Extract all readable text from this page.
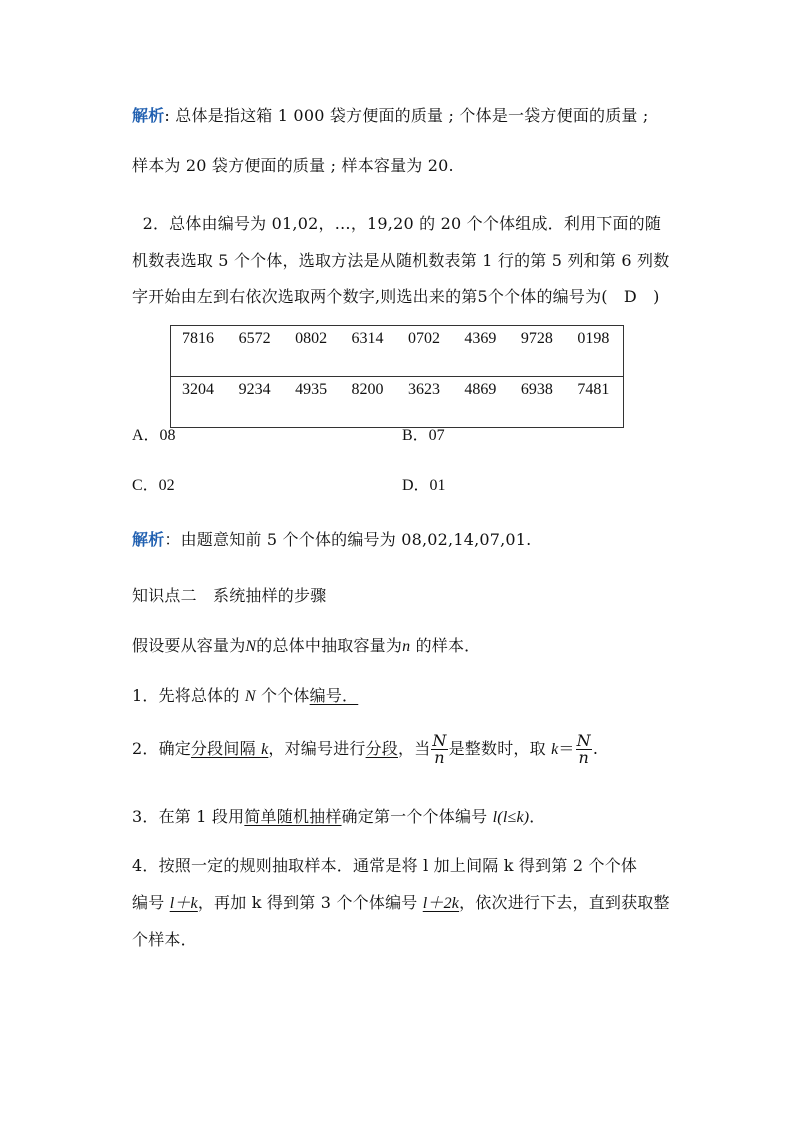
解析: 总体是指这箱 1 000 袋方便面的质量 ; 个体是一袋方便面的质量 ;
样本为 20 袋方便面的质量 ; 样本容量为 20.
2．总体由编号为 01,02，…，19,20 的 20 个个体组成．利用下面的随
机数表选取 5 个个体，选取方法是从随机数表第 1 行的第 5 列和第 6 列数
字开始由左到右依次选取两个数字,则选出来的第5个个体的编号为(　D　)
7816	6572	0802	6314	0702	4369	9728	0198
3204	9234	4935	8200	3623	4869	6938	7481
A．08	B．07
C．02	D．01
解析：由题意知前 5 个个体的编号为 08,02,14,07,01.
知识点二　系统抽样的步骤
假设要从容量为N的总体中抽取容量为n 的样本．
1．先将总体的 N 个个体编号．
2．确定分段间隔 k，对编号进行分段，当 $\frac{N}{n}$ 是整数时，取 $k= \frac{N}{n}$ .
3．在第 1 段用简单随机抽样确定第一个个体编号 l(l≤k)．
4．按照一定的规则抽取样本．通常是将 l 加上间隔 k 得到第 2 个个体
编号 l＋k，再加 k 得到第 3 个个体编号 l＋2k，依次进行下去，直到获取整
个样本．
